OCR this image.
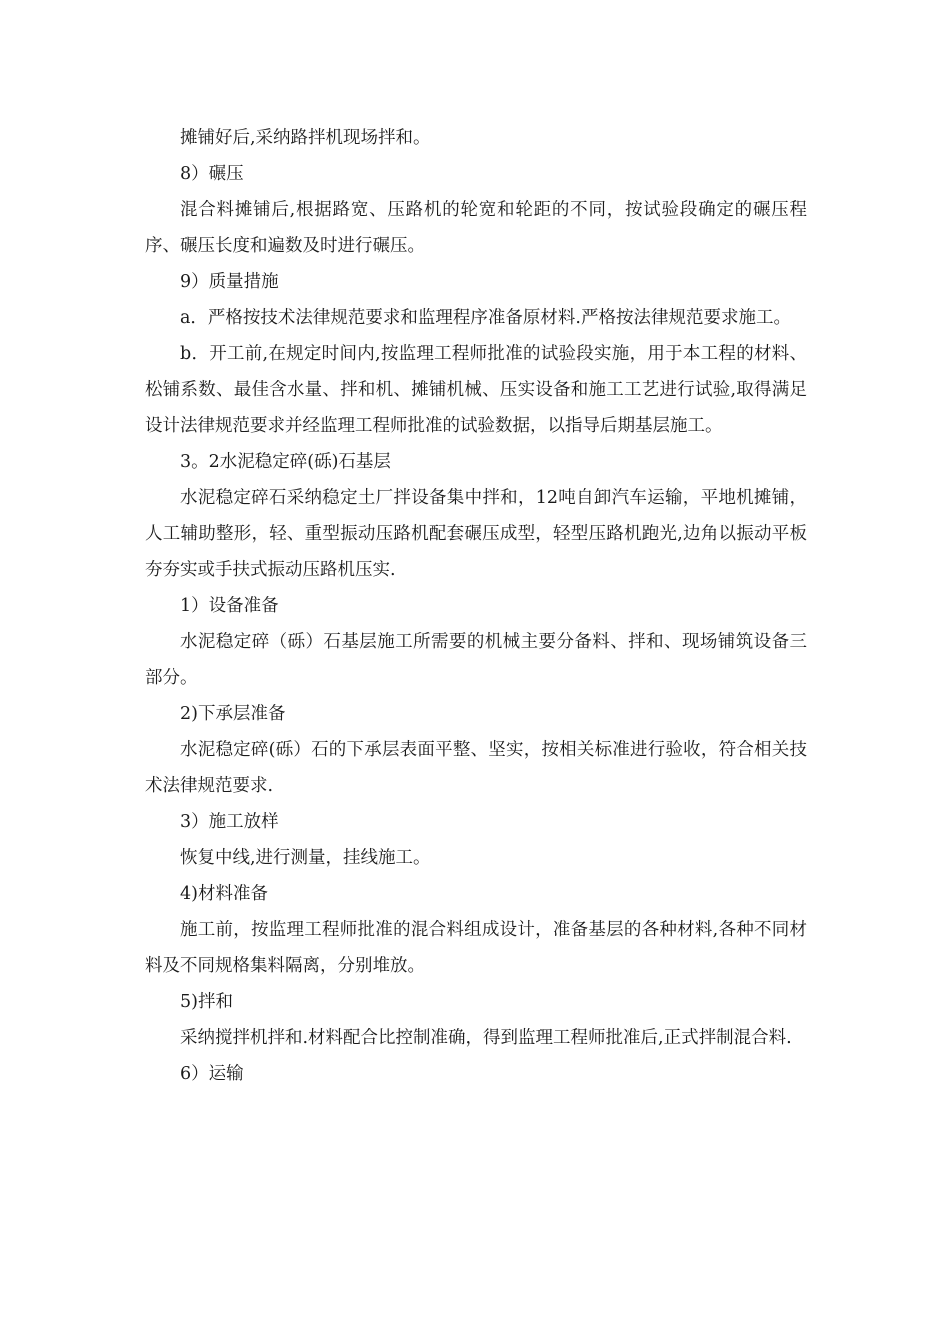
摊铺好后,采纳路拌机现场拌和。

8）碾压

混合料摊铺后,根据路宽、压路机的轮宽和轮距的不同，按试验段确定的碾压程序、碾压长度和遍数及时进行碾压。

9）质量措施

a．严格按技术法律规范要求和监理程序准备原材料.严格按法律规范要求施工。

b．开工前,在规定时间内,按监理工程师批准的试验段实施，用于本工程的材料、松铺系数、最佳含水量、拌和机、摊铺机械、压实设备和施工工艺进行试验,取得满足设计法律规范要求并经监理工程师批准的试验数据，以指导后期基层施工。

3。2水泥稳定碎(砾)石基层

水泥稳定碎石采纳稳定土厂拌设备集中拌和，12吨自卸汽车运输，平地机摊铺，人工辅助整形，轻、重型振动压路机配套碾压成型，轻型压路机跑光,边角以振动平板夯夯实或手扶式振动压路机压实.

1）设备准备

水泥稳定碎（砾）石基层施工所需要的机械主要分备料、拌和、现场铺筑设备三部分。

2)下承层准备

水泥稳定碎(砾）石的下承层表面平整、坚实，按相关标准进行验收，符合相关技术法律规范要求.

3）施工放样

恢复中线,进行测量，挂线施工。

4)材料准备

施工前，按监理工程师批准的混合料组成设计，准备基层的各种材料,各种不同材料及不同规格集料隔离，分别堆放。

5)拌和

采纳搅拌机拌和.材料配合比控制准确，得到监理工程师批准后,正式拌制混合料.

6）运输
